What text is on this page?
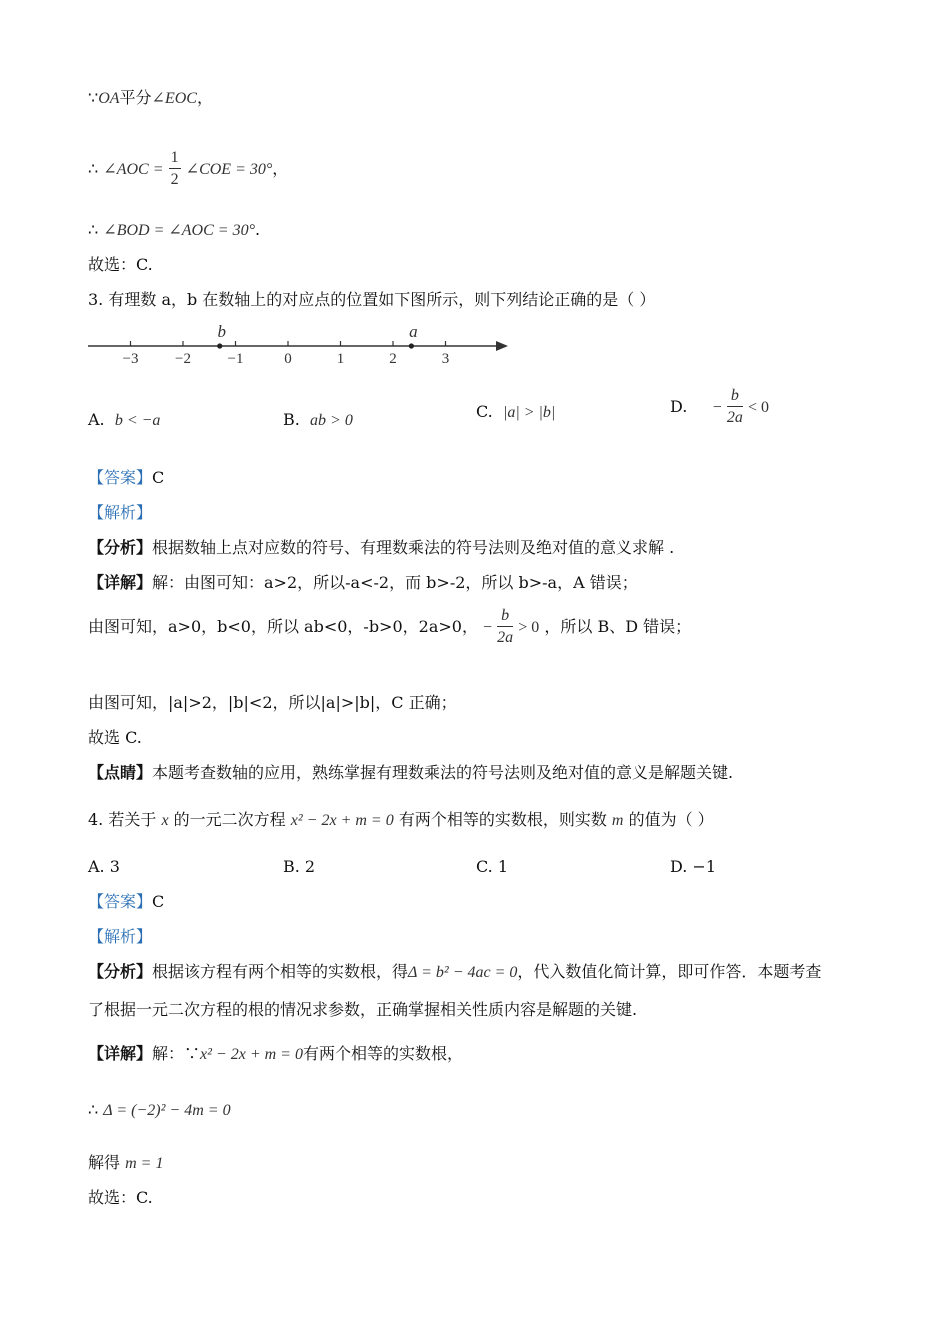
∵OA平分∠EOC，
∴ ∠AOC = $\frac{1}{2}$ ∠COE = 30°，
∴ ∠BOD = ∠AOC = 30°.
故选：C.
3. 有理数 a，b 在数轴上的对应点的位置如下图所示，则下列结论正确的是（ ）
−3 −2 −1	0	1	2	3
b	a
A. b < −a	B. ab > 0	C. |a| > |b|	D. − $\frac{b}{2a} < 0$
【答案】C
【解析】
【分析】根据数轴上点对应数的符号、有理数乘法的符号法则及绝对值的意义求解 .
【详解】解：由图可知：a>2，所以-a<-2，而 b>-2，所以 b>-a，A 错误；
由图可知，a>0，b<0，所以 ab<0，-b>0，2a>0， − $\frac{b}{2a} > 0$ ，所以 B、D 错误；
由图可知，|a|>2，|b|<2，所以|a|>|b|，C 正确；
故选 C.
【点睛】本题考查数轴的应用，熟练掌握有理数乘法的符号法则及绝对值的意义是解题关键.
4. 若关于 x 的一元二次方程 x² − 2x + m = 0 有两个相等的实数根，则实数 m 的值为（ ）
A. 3	B. 2	C. 1	D. −1
【答案】C
【解析】
【分析】根据该方程有两个相等的实数根，得Δ = b² − 4ac = 0，代入数值化简计算，即可作答．本题考查
了根据一元二次方程的根的情况求参数，正确掌握相关性质内容是解题的关键.
【详解】解：∵x² − 2x + m = 0有两个相等的实数根，
∴ Δ = (−2)² − 4m = 0
解得 m = 1
故选：C.
